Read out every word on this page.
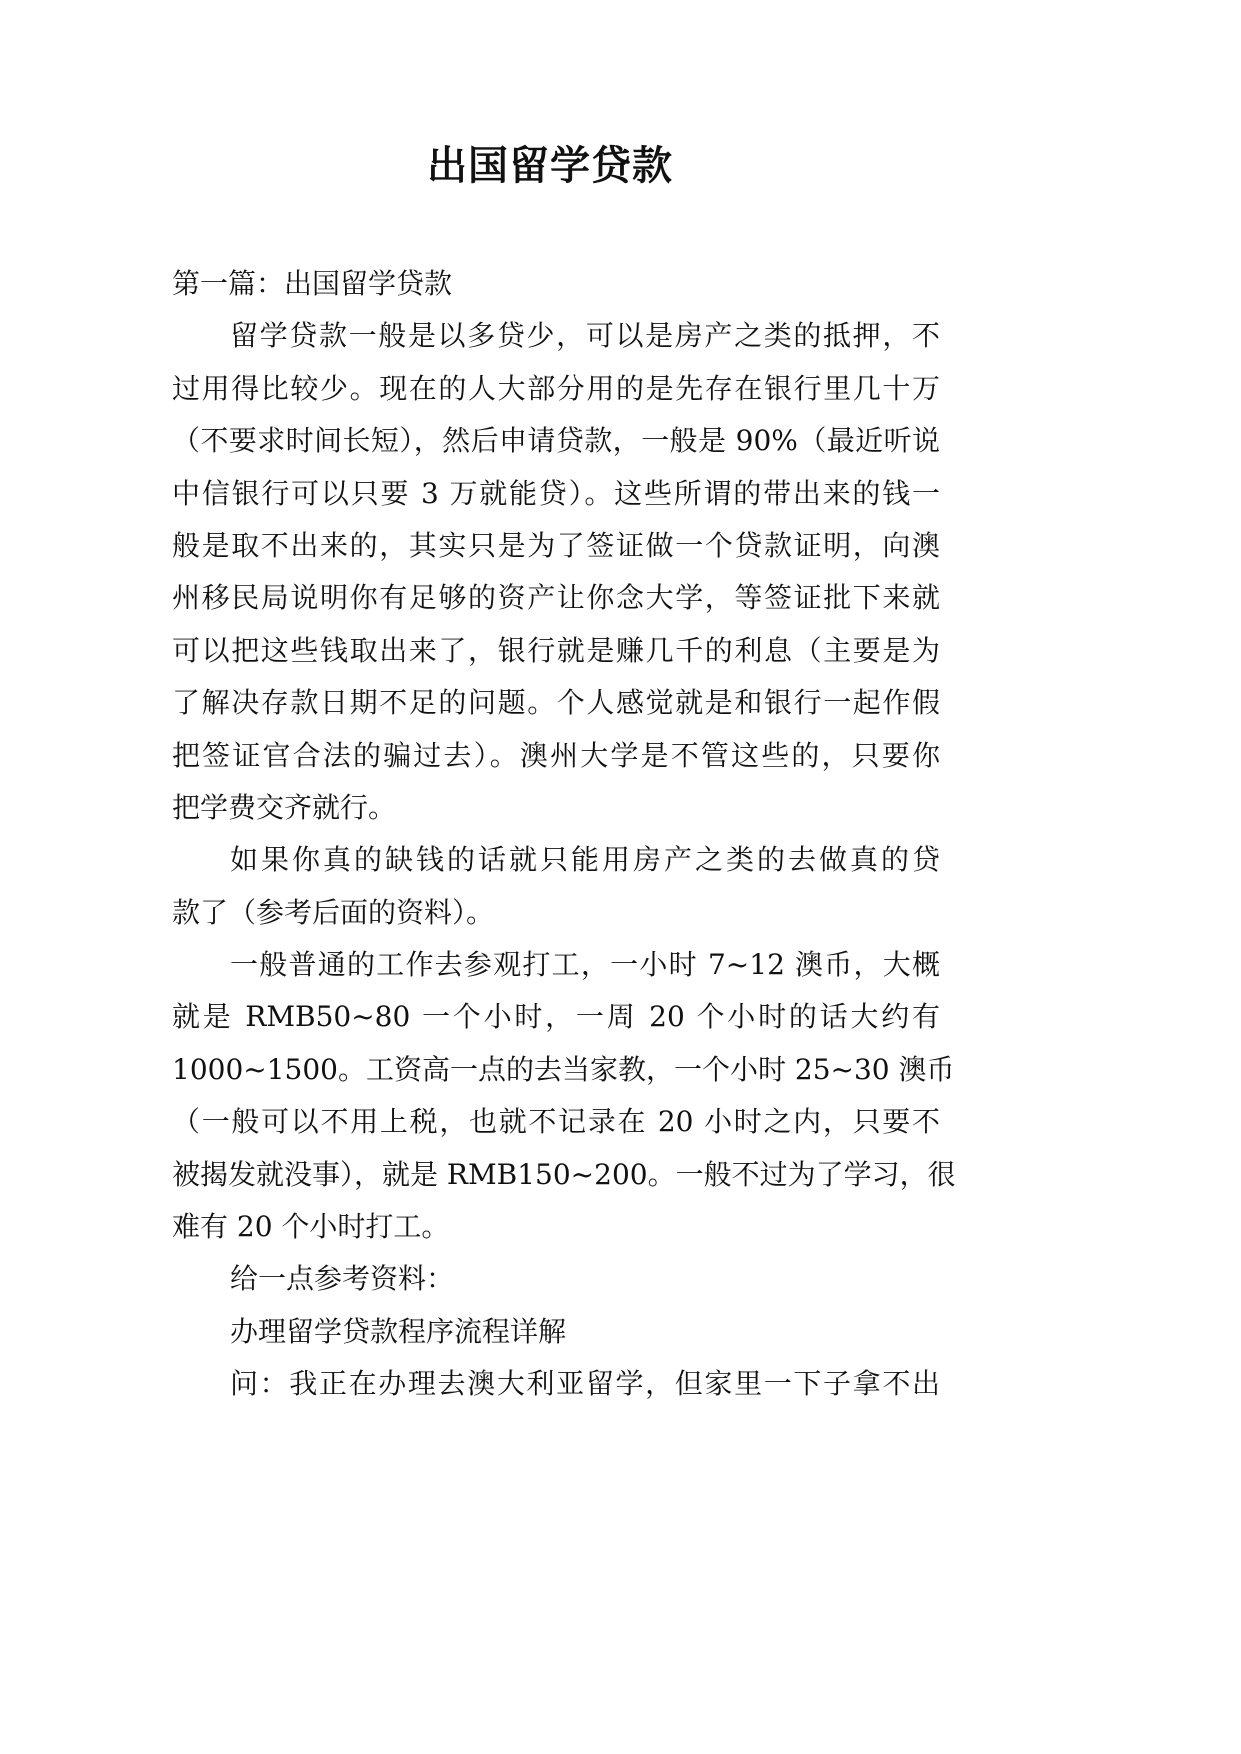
出国留学贷款
第一篇：出国留学贷款
留学贷款一般是以多贷少，可以是房产之类的抵押，不
过用得比较少。现在的人大部分用的是先存在银行里几十万
（不要求时间长短），然后申请贷款，一般是 90%（最近听说
中信银行可以只要 3 万就能贷）。这些所谓的带出来的钱一
般是取不出来的，其实只是为了签证做一个贷款证明，向澳
州移民局说明你有足够的资产让你念大学，等签证批下来就
可以把这些钱取出来了，银行就是赚几千的利息（主要是为
了解决存款日期不足的问题。个人感觉就是和银行一起作假
把签证官合法的骗过去）。澳州大学是不管这些的，只要你
把学费交齐就行。
如果你真的缺钱的话就只能用房产之类的去做真的贷
款了（参考后面的资料）。
一般普通的工作去参观打工，一小时 7~12 澳币，大概
就是 RMB50~80 一个小时，一周 20 个小时的话大约有
1000~1500。工资高一点的去当家教，一个小时 25~30 澳币
（一般可以不用上税，也就不记录在 20 小时之内，只要不
被揭发就没事），就是 RMB150~200。一般不过为了学习，很
难有 20 个小时打工。
给一点参考资料：
办理留学贷款程序流程详解
问：我正在办理去澳大利亚留学，但家里一下子拿不出
